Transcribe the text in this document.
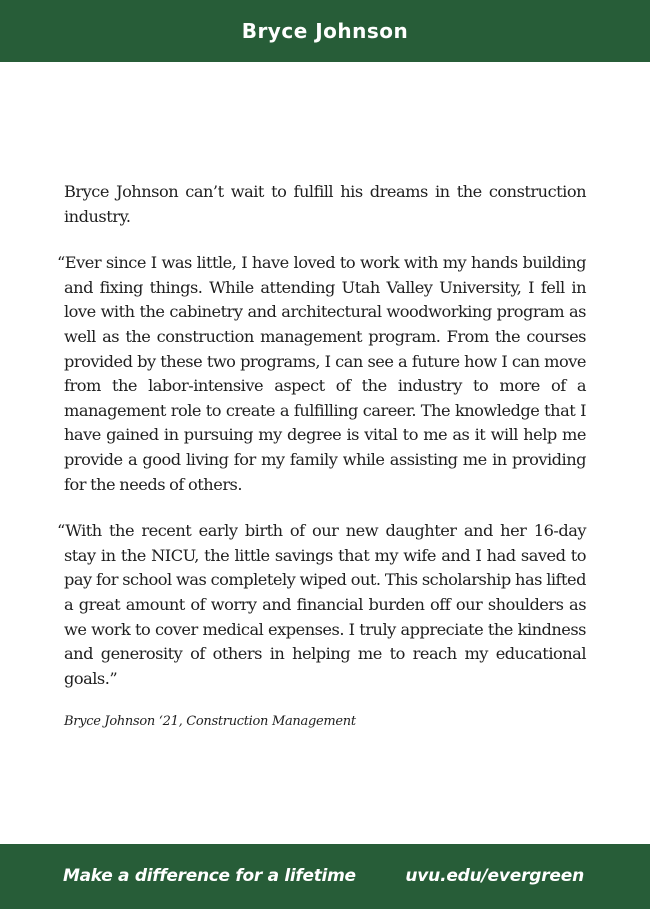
Bryce Johnson

Bryce Johnson can’t wait to fulfill his dreams in the construction industry.

“Ever since I was little, I have loved to work with my hands building and fixing things. While attending Utah Valley University, I fell in love with the cabinetry and architectural woodworking program as well as the construction management program. From the courses provided by these two programs, I can see a future how I can move from the labor-intensive aspect of the industry to more of a management role to create a fulfilling career. The knowledge that I have gained in pursuing my degree is vital to me as it will help me provide a good living for my family while assisting me in providing for the needs of others.

“With the recent early birth of our new daughter and her 16-day stay in the NICU, the little savings that my wife and I had saved to pay for school was completely wiped out. This scholarship has lifted a great amount of worry and financial burden off our shoulders as we work to cover medical expenses. I truly appreciate the kindness and generosity of others in helping me to reach my educational goals.”

Bryce Johnson ‘21, Construction Management

Make a difference for a lifetime	uvu.edu/evergreen
